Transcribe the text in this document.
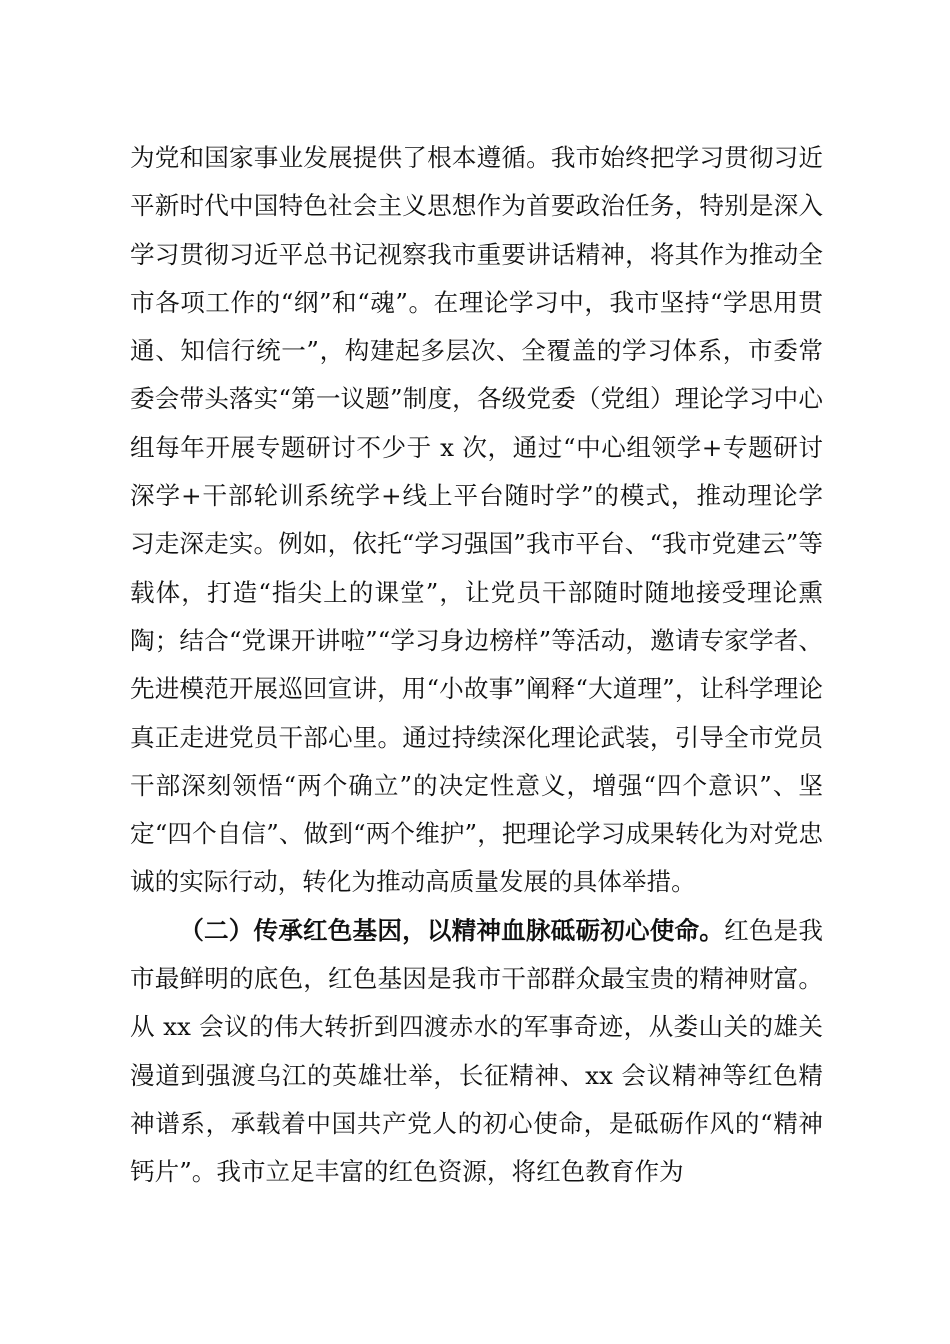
为党和国家事业发展提供了根本遵循。我市始终把学习贯彻习近平新时代中国特色社会主义思想作为首要政治任务，特别是深入学习贯彻习近平总书记视察我市重要讲话精神，将其作为推动全市各项工作的“纲”和“魂”。在理论学习中，我市坚持“学思用贯通、知信行统一”，构建起多层次、全覆盖的学习体系，市委常委会带头落实“第一议题”制度，各级党委（党组）理论学习中心组每年开展专题研讨不少于 x 次，通过“中心组领学+专题研讨深学+干部轮训系统学+线上平台随时学”的模式，推动理论学习走深走实。例如，依托“学习强国”我市平台、“我市党建云”等载体，打造“指尖上的课堂”，让党员干部随时随地接受理论熏陶；结合“党课开讲啦”“学习身边榜样”等活动，邀请专家学者、先进模范开展巡回宣讲，用“小故事”阐释“大道理”，让科学理论真正走进党员干部心里。通过持续深化理论武装，引导全市党员干部深刻领悟“两个确立”的决定性意义，增强“四个意识”、坚定“四个自信”、做到“两个维护”，把理论学习成果转化为对党忠诚的实际行动，转化为推动高质量发展的具体举措。

（二）传承红色基因，以精神血脉砥砺初心使命。红色是我市最鲜明的底色，红色基因是我市干部群众最宝贵的精神财富。从 xx 会议的伟大转折到四渡赤水的军事奇迹，从娄山关的雄关漫道到强渡乌江的英雄壮举，长征精神、xx 会议精神等红色精神谱系，承载着中国共产党人的初心使命，是砥砺作风的“精神钙片”。我市立足丰富的红色资源，将红色教育作为
